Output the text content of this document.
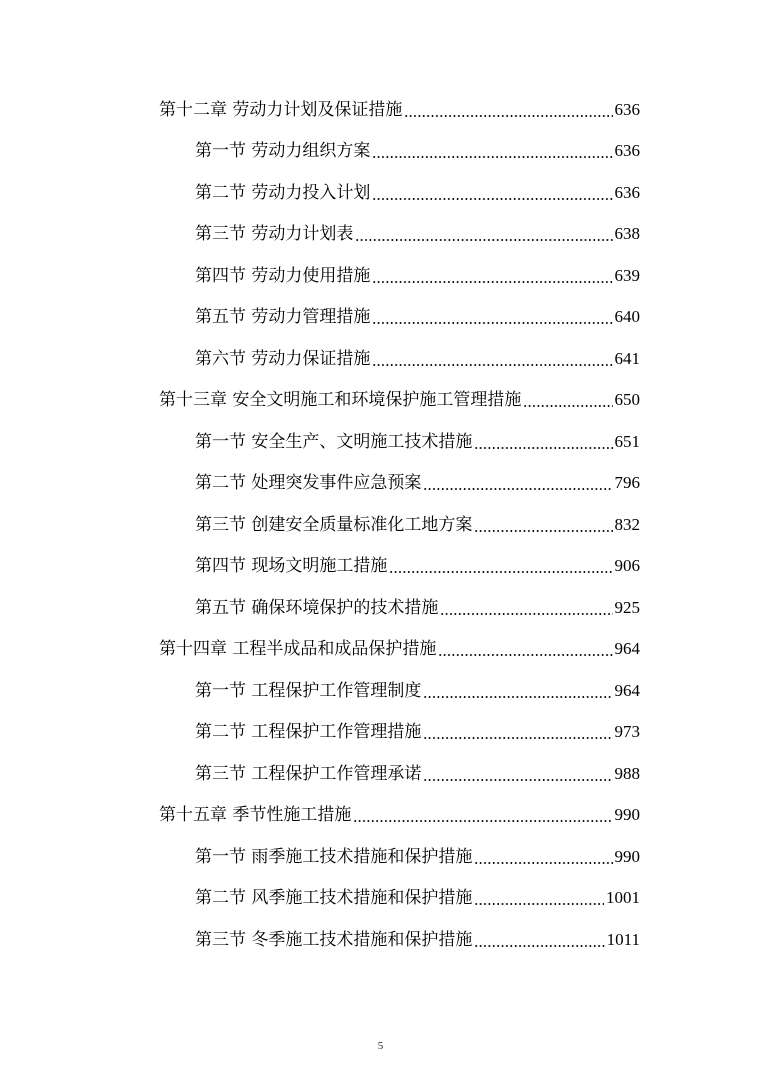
第十二章 劳动力计划及保证措施	636
第一节 劳动力组织方案	636
第二节 劳动力投入计划	636
第三节 劳动力计划表	638
第四节 劳动力使用措施	639
第五节 劳动力管理措施	640
第六节 劳动力保证措施	641
第十三章 安全文明施工和环境保护施工管理措施	650
第一节 安全生产、文明施工技术措施	651
第二节 处理突发事件应急预案	796
第三节 创建安全质量标准化工地方案	832
第四节 现场文明施工措施	906
第五节 确保环境保护的技术措施	925
第十四章 工程半成品和成品保护措施	964
第一节 工程保护工作管理制度	964
第二节 工程保护工作管理措施	973
第三节 工程保护工作管理承诺	988
第十五章 季节性施工措施	990
第一节 雨季施工技术措施和保护措施	990
第二节 风季施工技术措施和保护措施	1001
第三节 冬季施工技术措施和保护措施	1011
5
